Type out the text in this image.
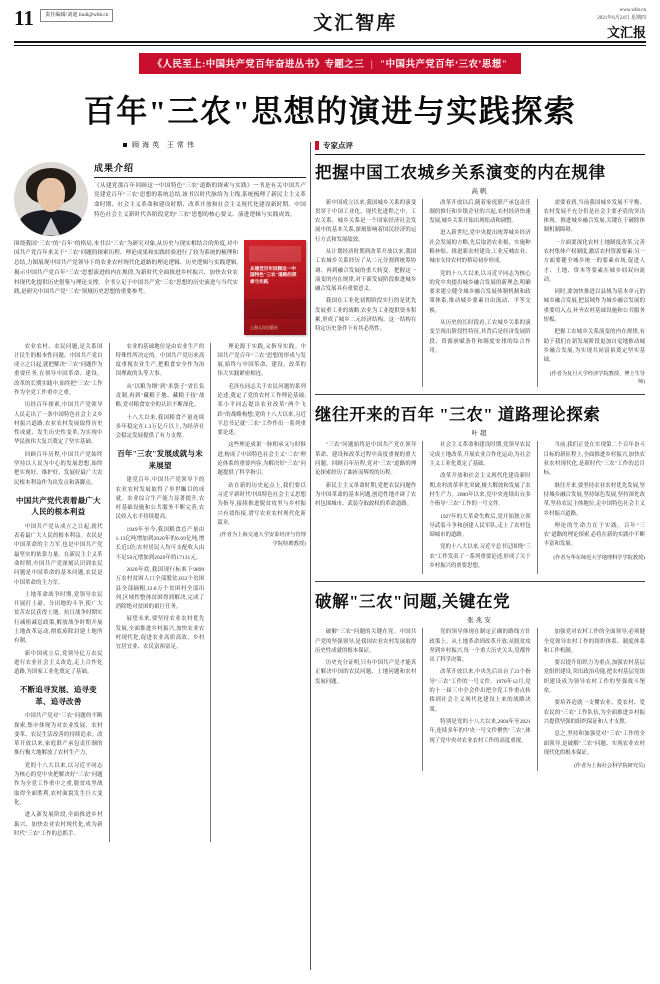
11	责任编辑/刘迪 liudi@whb.cn	文汇智库
www.whb.cn
2021年6月24日 星期四
文汇报
《人民至上:中国共产党百年奋进丛书》专题之三 | "中国共产党百年‘三农’思想"
百年"三农"思想的演进与实践探索
顾海英 王常伟
成果介绍
《从建党那百年回顾这一中国特色"三农"道路的探索与实践》一书是有关中国共产党建党百年"三农"思想的系统总结,该书以时代脉络为主线,系统梳理了新民主主义革命时期、社会主义革命和建设时期、改革开放和社会主义现代化建设新时期、中国特色社会主义新时代各阶段党的"三农"思想的核心要义、演进逻辑与实践成效。
围绕我国"三农"的"百年"的格局,本书以"三农"为研究对象,从历史与现实相结合的角度,对中国共产党百年来关于"三农"问题的探索历程、理论成果和实践经验进行了较为系统的梳理和总结,力图展现中国共产党领导下的农业农村现代化道路的理论逻辑、历史逻辑与实践逻辑,揭示中国共产党百年"三农"思想演进的内在规律,为新时代全面推进乡村振兴、加快农业农村现代化提供历史借鉴与理论支撑。全书立足于中国共产党"三农"思想的历史演进与当代实践,是研究中国共产党"三农"领域历史思想的重要参考。
从建党百年回顾这一中国特色"三农"道路的探索与实践
上海人民出版社
农业农村、农民问题,是关系国计民生的根本性问题。中国共产党自成立之日起,就把解决"三农"问题作为重要任务,在领导中国革命、建设、改革的长期实践中,始终把"三农"工作作为全党工作重中之重。
历经百年探索,中国共产党领导人民走出了一条中国特色社会主义乡村振兴道路,农业农村发展取得历史性成就、发生历史性变革,为实现中华民族伟大复兴奠定了坚实基础。
回顾百年历程,中国共产党始终坚持以人民为中心的发展思想,始终把实现好、维护好、发展好最广大农民根本利益作为出发点和落脚点。
中国共产党代表着最广大人民的根本利益
中国共产党从成立之日起,就代表着最广大人民的根本利益。农民是中国革命的主力军,也是中国共产党最坚实的依靠力量。在新民主主义革命时期,中国共产党深刻认识到农民问题是中国革命的基本问题,农民是中国革命的主力军。
土地革命战争时期,党领导农民开展打土豪、分田地的斗争,使广大贫苦农民获得土地。抗日战争时期实行减租减息政策,解放战争时期开展土地改革运动,彻底废除封建土地所有制。
新中国成立后,党领导亿万农民进行农业社会主义改造,走上合作化道路,为国家工业化奠定了基础。
不断追寻发展、追寻变革、追寻改善
中国共产党对"三农"问题的不断探索,集中体现为对农业发展、农村变革、农民生活改善的持续追求。改革开放以来,家庭联产承包责任制的推行极大地解放了农村生产力。
党的十八大以来,以习近平同志为核心的党中央把解决好"三农"问题作为全党工作重中之重,脱贫攻坚战取得全面胜利,农村面貌发生巨大变化。
进入新发展阶段,全面推进乡村振兴、加快农业农村现代化,成为新时代"三农"工作的总抓手。
农业的基础地位是由农业生产的特殊性所决定的。中国共产党历来高度重视农业生产,把粮食安全作为治国理政的头等大事。
从"以粮为纲"到"米袋子"省长负责制,再到"藏粮于地、藏粮于技"战略,党对粮食安全的认识不断深化。
十八大以来,我国粮食产量连续多年稳定在1.3万亿斤以上,为经济社会稳定发展提供了有力支撑。
百年"三农"发展成就与未来展望
建党百年,中国共产党领导下的农业农村发展取得了举世瞩目的成就。农业综合生产能力显著提升,农村基础设施和公共服务不断完善,农民收入水平持续提高。
1949年至今,我国粮食总产量由1.13亿吨增加到2020年的6.69亿吨,增长近5倍;农村居民人均可支配收入由不足50元增加到2020年的17131元。
2020年底,我国现行标准下9899万农村贫困人口全部脱贫,832个贫困县全部摘帽,12.8万个贫困村全部出列,区域性整体贫困得到解决,完成了消除绝对贫困的艰巨任务。
展望未来,要坚持农业农村优先发展,全面推进乡村振兴,加快农业农村现代化,促进农业高质高效、乡村宜居宜业、农民富裕富足。
理论源于实践,又指导实践。中国共产党百年"三农"思想的形成与发展,始终与中国革命、建设、改革的伟大实践紧密相连。
毛泽东同志关于农民问题的系列论述,奠定了党的农村工作理论基础;邓小平同志提出农业改革"两个飞跃"的战略构想;党的十八大以来,习近平总书记就"三农"工作作出一系列重要论述。
这些理论成果一脉相承又与时俱进,构成了中国特色社会主义"三农"理论体系的重要内容,为解决好"三农"问题提供了科学指引。
站在新的历史起点上,我们要以习近平新时代中国特色社会主义思想为指导,接续推进脱贫攻坚与乡村振兴有效衔接,谱写农业农村现代化新篇章。
(作者为上海交通大学安泰经济与管理学院特聘教授)
专家点评
把握中国工农城乡关系演变的内在规律
高帆
新中国成立以来,我国城乡关系的演变贯穿于中国工业化、现代化进程之中。工农关系、城乡关系是一个国家经济社会发展中的基本关系,深刻影响着国民经济的运行方式和发展绩效。
从计划经济时期到改革开放以来,我国工农城乡关系经历了从二元分割到统筹协调、再到融合发展的重大转变。把握这一演变的内在规律,对于新发展阶段推进城乡融合发展具有重要意义。
我国在工业化初期阶段实行的是优先发展重工业的战略,农业为工业提供资本积累,形成了城乡二元经济结构。这一结构在特定历史条件下有其必然性。
改革开放以后,随着家庭联产承包责任制的推行和乡镇企业的兴起,农村经济快速发展,城乡关系开始出现松动和调整。
进入新世纪,党中央提出统筹城乡经济社会发展的方略,先后取消农业税、实施种粮补贴、推进新农村建设,工业反哺农业、城市支持农村的格局初步形成。
党的十八大以来,以习近平同志为核心的党中央提出城乡融合发展的新理念,明确要求建立健全城乡融合发展体制机制和政策体系,推动城乡要素自由流动、平等交换。
从历史的长时段看,工农城乡关系的演变呈现出阶段性特征,其背后是经济发展阶段、资源禀赋条件和制度安排的综合作用。
需要看到,当前我国城乡发展不平衡、农村发展不充分仍是社会主要矛盾的突出体现。推进城乡融合发展,关键在于破除体制机制障碍。
一方面要深化农村土地制度改革,完善农村集体产权制度,激活农村资源要素;另一方面要健全城乡统一的要素市场,促进人才、土地、资本等要素在城乡间双向流动。
同时,要加快推进以县域为基本单元的城乡融合发展,把县域作为城乡融合发展的重要切入点,补齐农村基础设施和公共服务短板。
把握工农城乡关系演变的内在规律,有助于我们在新发展阶段更加自觉地推动城乡融合发展,为实现共同富裕奠定坚实基础。
(作者为复旦大学经济学院教授、博士生导师)
继往开来的百年 "三农" 道路理论探索
叶超
"三农"问题始终是中国共产党在领导革命、建设和改革过程中高度重视的重大问题。回顾百年历程,党对"三农"道路的理论探索经历了曲折而辉煌的历程。
新民主主义革命时期,党把农民问题作为中国革命的基本问题,创造性地开辟了农村包围城市、武装夺取政权的革命道路。
社会主义革命和建设时期,党领导农民完成土地改革,开展农业合作化运动,为社会主义工业化奠定了基础。
改革开放和社会主义现代化建设新时期,农村改革率先突破,极大解放和发展了农村生产力。2000年以来,党中央连续出台多个指导"三农"工作的一号文件。
1927年的大革命失败后,党开始独立领导武装斗争和创建人民军队,走上了农村包围城市的道路。
党的十八大以来,习近平总书记围绕"三农"工作发表了一系列重要论述,形成了关于乡村振兴的重要思想。
当前,我们正处在实现第二个百年奋斗目标的新征程上,全面推进乡村振兴,加快农业农村现代化,是新时代"三农"工作的总目标。
继往开来,要坚持农业农村优先发展,坚持城乡融合发展,坚持绿色发展,坚持深化改革,坚持农民主体地位,走中国特色社会主义乡村振兴道路。
理论的生命力在于实践。百年"三农"道路的理论探索,必将在新的实践中不断丰富和发展。
(作者为华东师范大学地理科学学院教授)
破解"三农"问题,关键在党
张兆安
破解"三农"问题的关键在党。中国共产党的坚强领导,是我国农业农村发展取得历史性成就的根本保证。
历史充分证明,只有中国共产党才能真正解决中国的农民问题、土地问题和农村发展问题。
党的领导体现在制定正确的路线方针政策上。从土地革命到改革开放,从脱贫攻坚到乡村振兴,每一个重大历史关头,党都作出了科学决策。
改革开放以来,中央先后出台了23个指导"三农"工作的一号文件。1978年12月,党的十一届三中全会作出把全党工作重点转移到社会主义现代化建设上来的战略决策。
特别是党的十八大以来,2004年至2021年,连续多年的中央一号文件聚焦"三农",体现了党中央对农业农村工作的高度重视。
加强党对农村工作的全面领导,必须健全党领导农村工作的组织体系、制度体系和工作机制。
要以提升组织力为重点,加强农村基层党组织建设,突出政治功能,把农村基层党组织建设成为领导农村工作的坚强战斗堡垒。
要培养造就一支懂农业、爱农村、爱农民的"三农"工作队伍,为全面推进乡村振兴提供坚强的组织保证和人才支撑。
总之,坚持和加强党对"三农"工作的全面领导,是破解"三农"问题、实现农业农村现代化的根本保证。
(作者为上海社会科学院研究员)
